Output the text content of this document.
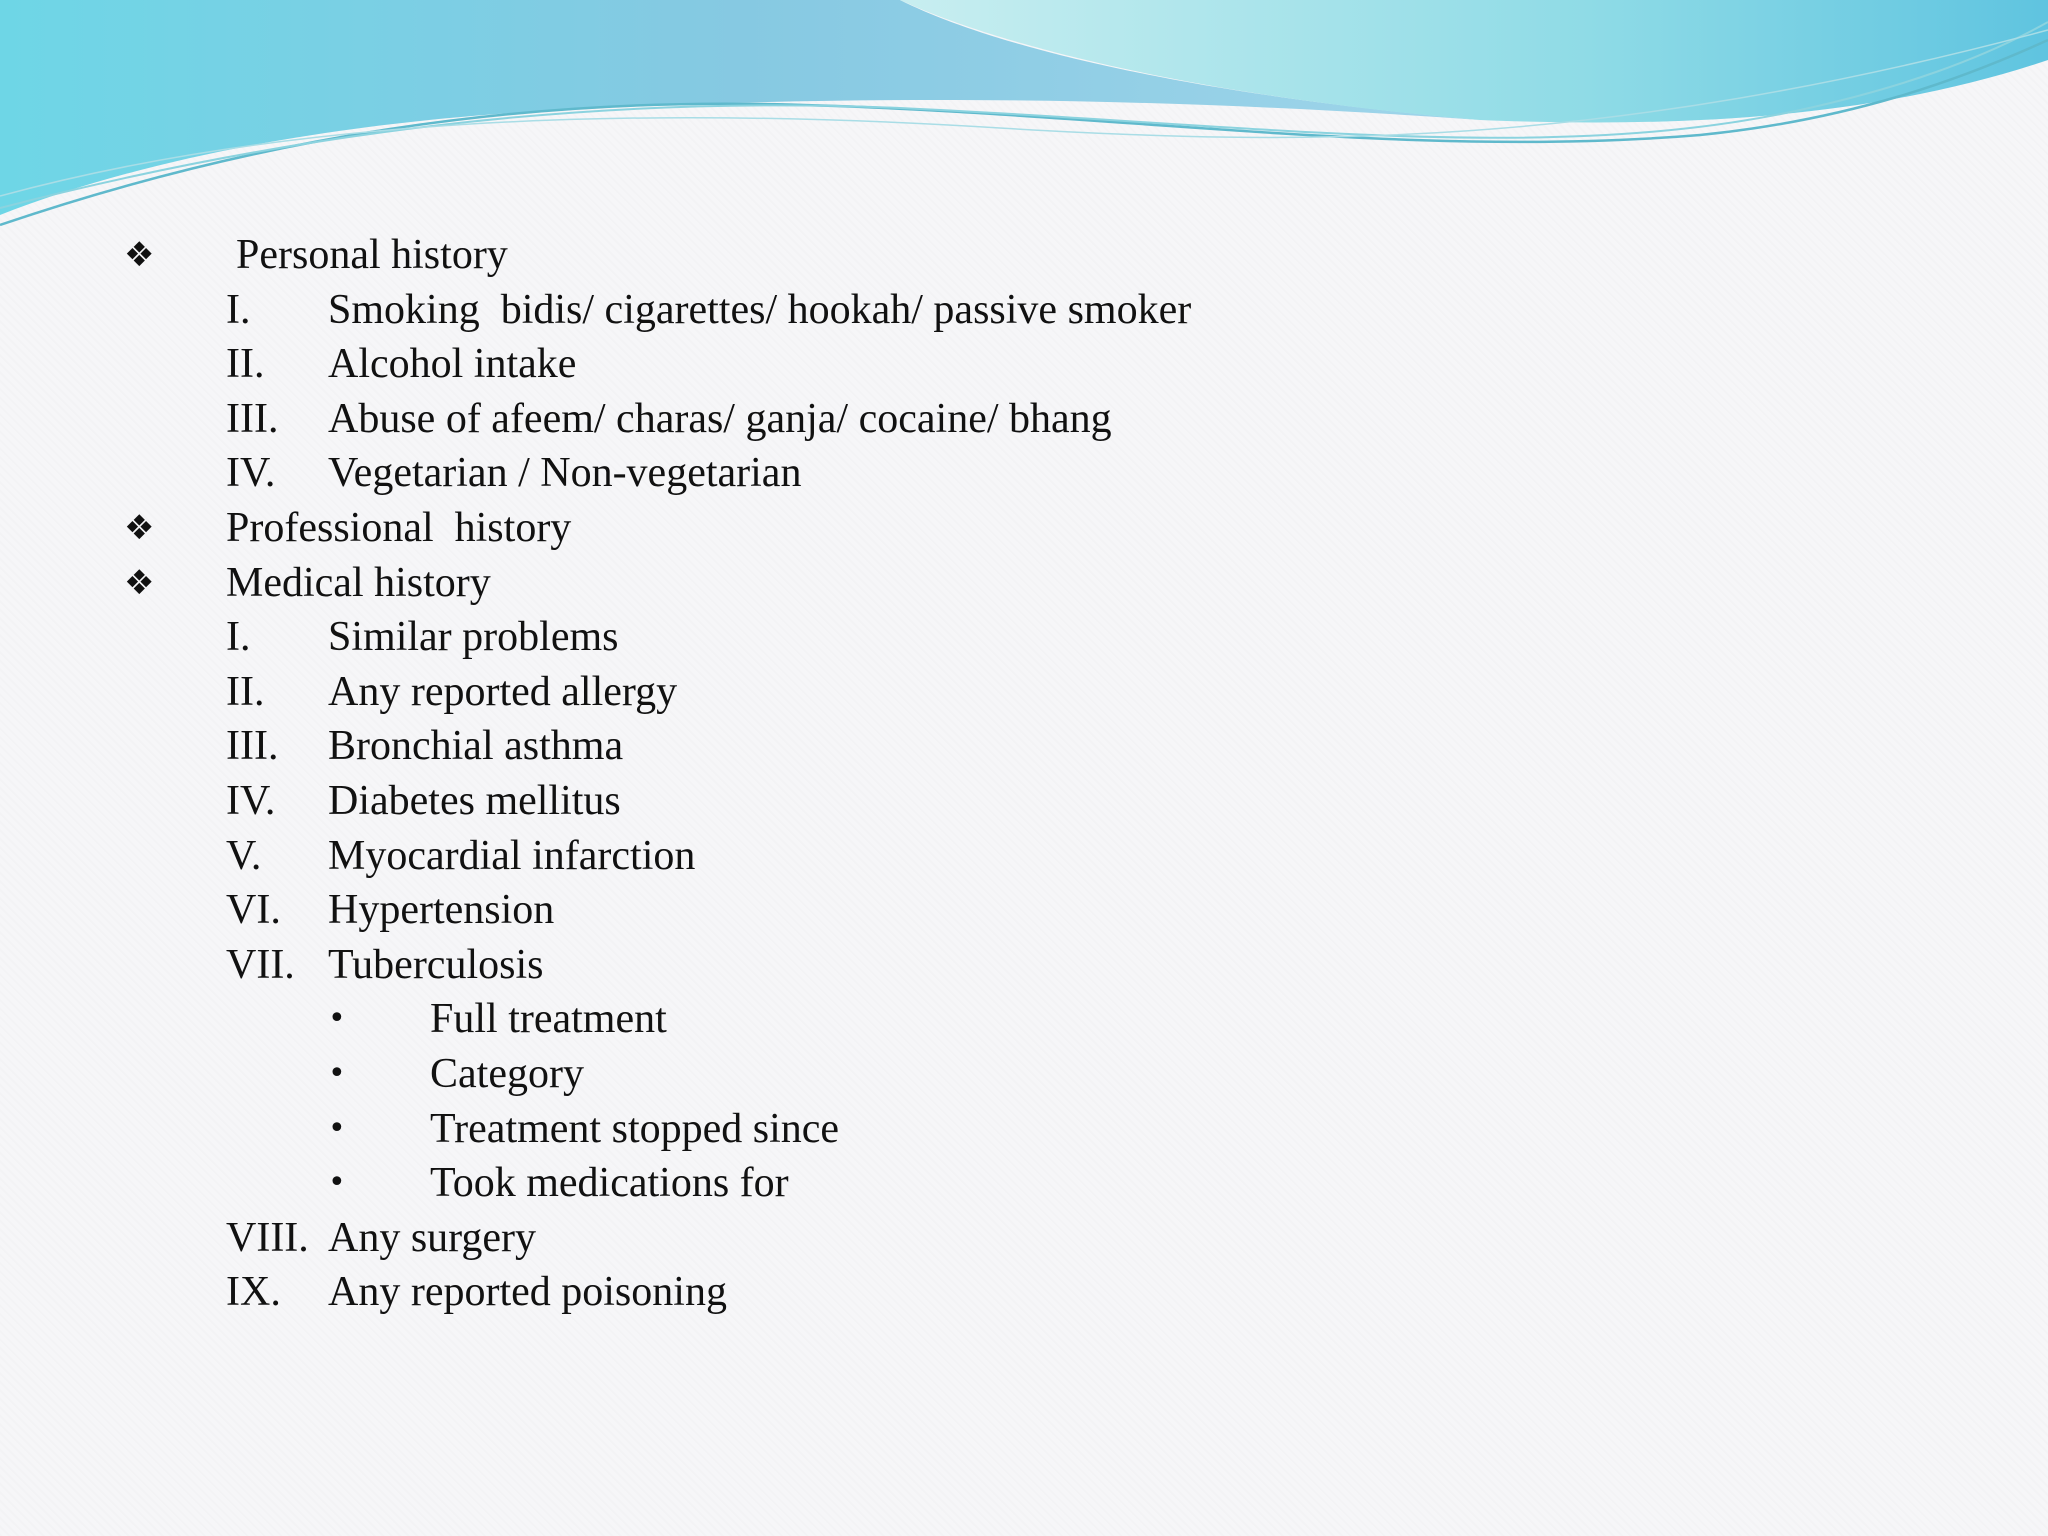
❖ Personal history
I. Smoking  bidis/ cigarettes/ hookah/ passive smoker
II. Alcohol intake
III. Abuse of afeem/ charas/ ganja/ cocaine/ bhang
IV. Vegetarian / Non-vegetarian
❖ Professional  history
❖ Medical history
I. Similar problems
II. Any reported allergy
III. Bronchial asthma
IV. Diabetes mellitus
V. Myocardial infarction
VI. Hypertension
VII. Tuberculosis
• Full treatment
• Category
• Treatment stopped since
• Took medications for
VIII. Any surgery
IX. Any reported poisoning
